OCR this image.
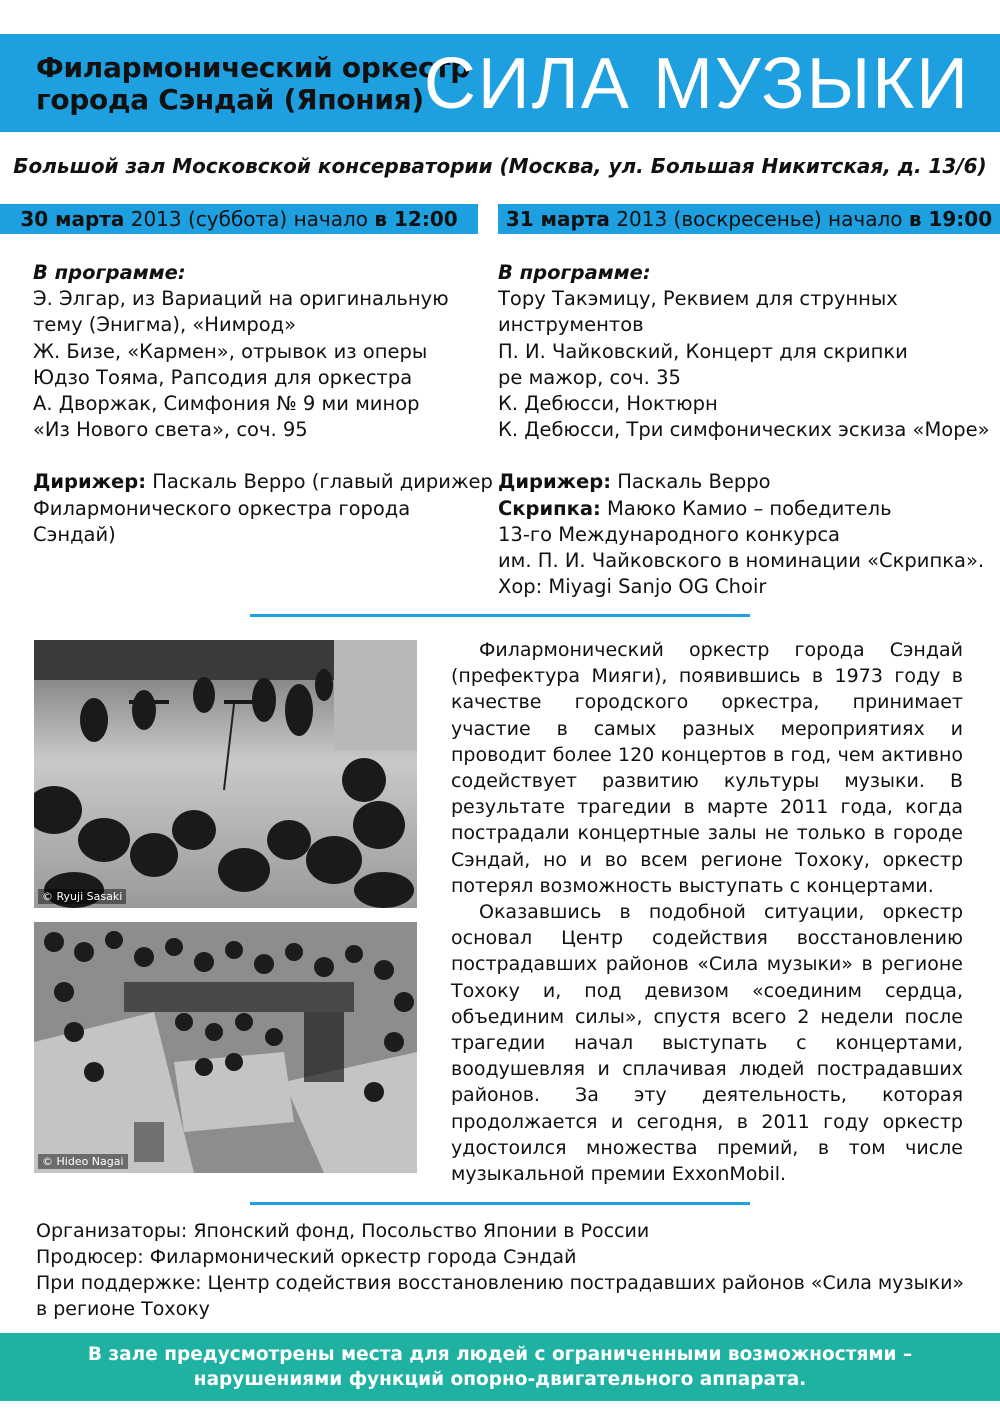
Филармонический оркестр
города Сэндай (Япония) СИЛА МУЗЫКИ
Большой зал Московской консерватории (Москва, ул. Большая Никитская, д. 13/6)
30 марта 2013 (суббота) начало в 12:00	31 марта 2013 (воскресенье) начало в 19:00
В программе:
Э. Элгар, из Вариаций на оригинальную
тему (Энигма), «Нимрод»
Ж. Бизе, «Кармен», отрывок из оперы
Юдзо Тояма, Рапсодия для оркестра
А. Дворжак, Симфония № 9 ми минор
«Из Нового света», соч. 95
Дирижер: Паскаль Верро (главый дирижер
Филармонического оркестра города
Сэндай)
В программе:
Тору Такэмицу, Реквием для струнных
инструментов
П. И. Чайковский, Концерт для скрипки
ре мажор, соч. 35
К. Дебюсси, Ноктюрн
К. Дебюсси, Три симфонических эскиза «Море»
Дирижер: Паскаль Верро
Скрипка: Маюко Камио – победитель
13-го Международного конкурса
им. П. И. Чайковского в номинации «Скрипка».
Хор: Miyagi Sanjo OG Choir
© Ryuji Sasaki
© Hideo Nagai

Филармонический оркестр города Сэндай (префектура Мияги), появившись в 1973 году в качестве городского оркестра, принимает участие в самых разных мероприятиях и проводит более 120 концертов в год, чем активно содействует развитию культуры музыки. В результате трагедии в марте 2011 года, когда пострадали концертные залы не только в городе Сэндай, но и во всем регионе Тохоку, оркестр потерял возможность выступать с концертами.

Оказавшись в подобной ситуации, оркестр основал Центр содействия восстановлению пострадавших районов «Сила музыки» в регионе Тохоку и, под девизом «соединим сердца, объединим силы», спустя всего 2 недели после трагедии начал выступать с концертами, воодушевляя и сплачивая людей пострадавших районов. За эту деятельность, которая продолжается и сегодня, в 2011 году оркестр удостоился множества премий, в том числе музыкальной премии ExxonMobil.

Организаторы: Японский фонд, Посольство Японии в России
Продюсер: Филармонический оркестр города Сэндай
При поддержке: Центр содействия восстановлению пострадавших районов «Сила музыки» в регионе Тохоку
В зале предусмотрены места для людей с ограниченными возможностями –
нарушениями функций опорно-двигательного аппарата.
